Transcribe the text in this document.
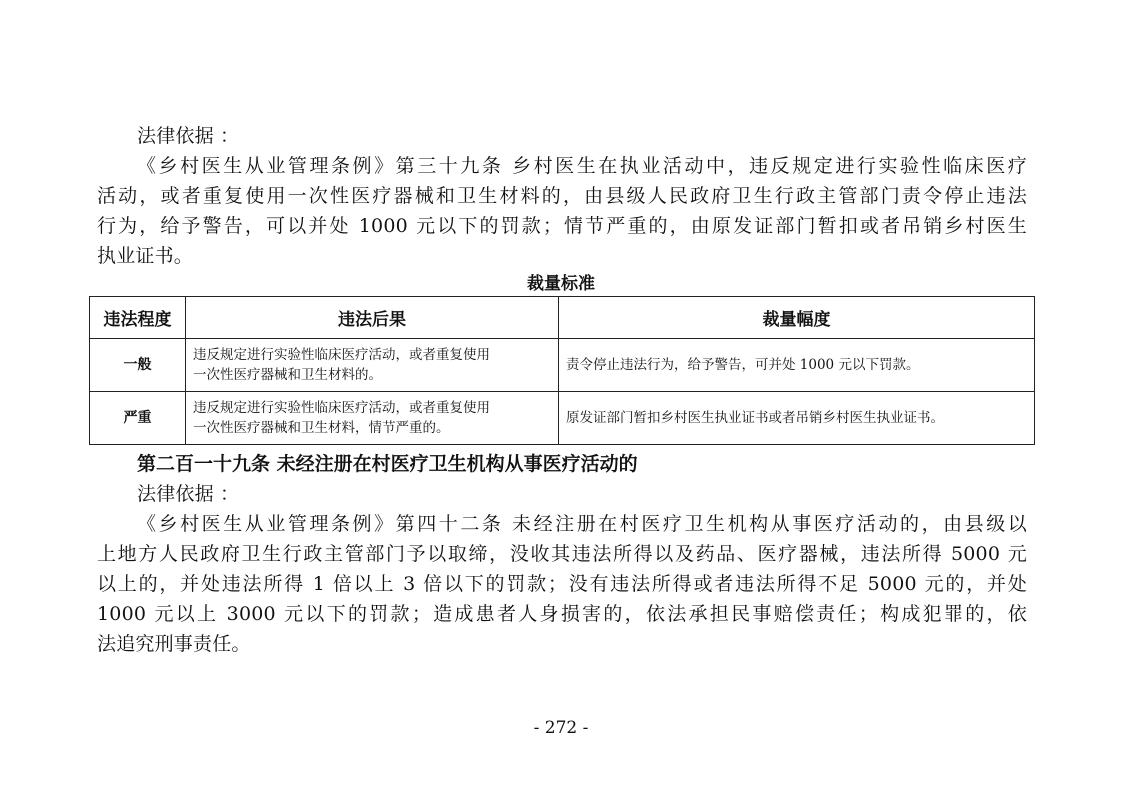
法律依据 ：
《乡村医生从业管理条例》第三十九条 乡村医生在执业活动中，违反规定进行实验性临床医疗
活动，或者重复使用一次性医疗器械和卫生材料的，由县级人民政府卫生行政主管部门责令停止违法
行为，给予警告，可以并处 1000 元以下的罚款；情节严重的，由原发证部门暂扣或者吊销乡村医生
执业证书。
裁量标准
违法程度	违法后果	裁量幅度
一般	违反规定进行实验性临床医疗活动，或者重复使用
一次性医疗器械和卫生材料的。	责令停止违法行为，给予警告，可并处 1000 元以下罚款。
严重	违反规定进行实验性临床医疗活动，或者重复使用
一次性医疗器械和卫生材料，情节严重的。	原发证部门暂扣乡村医生执业证书或者吊销乡村医生执业证书。
第二百一十九条 未经注册在村医疗卫生机构从事医疗活动的
法律依据 ：
《乡村医生从业管理条例》第四十二条 未经注册在村医疗卫生机构从事医疗活动的，由县级以
上地方人民政府卫生行政主管部门予以取缔，没收其违法所得以及药品、医疗器械，违法所得 5000 元
以上的，并处违法所得 1 倍以上 3 倍以下的罚款；没有违法所得或者违法所得不足 5000 元的，并处
1000 元以上 3000 元以下的罚款；造成患者人身损害的，依法承担民事赔偿责任；构成犯罪的，依
法追究刑事责任。
- 272 -
